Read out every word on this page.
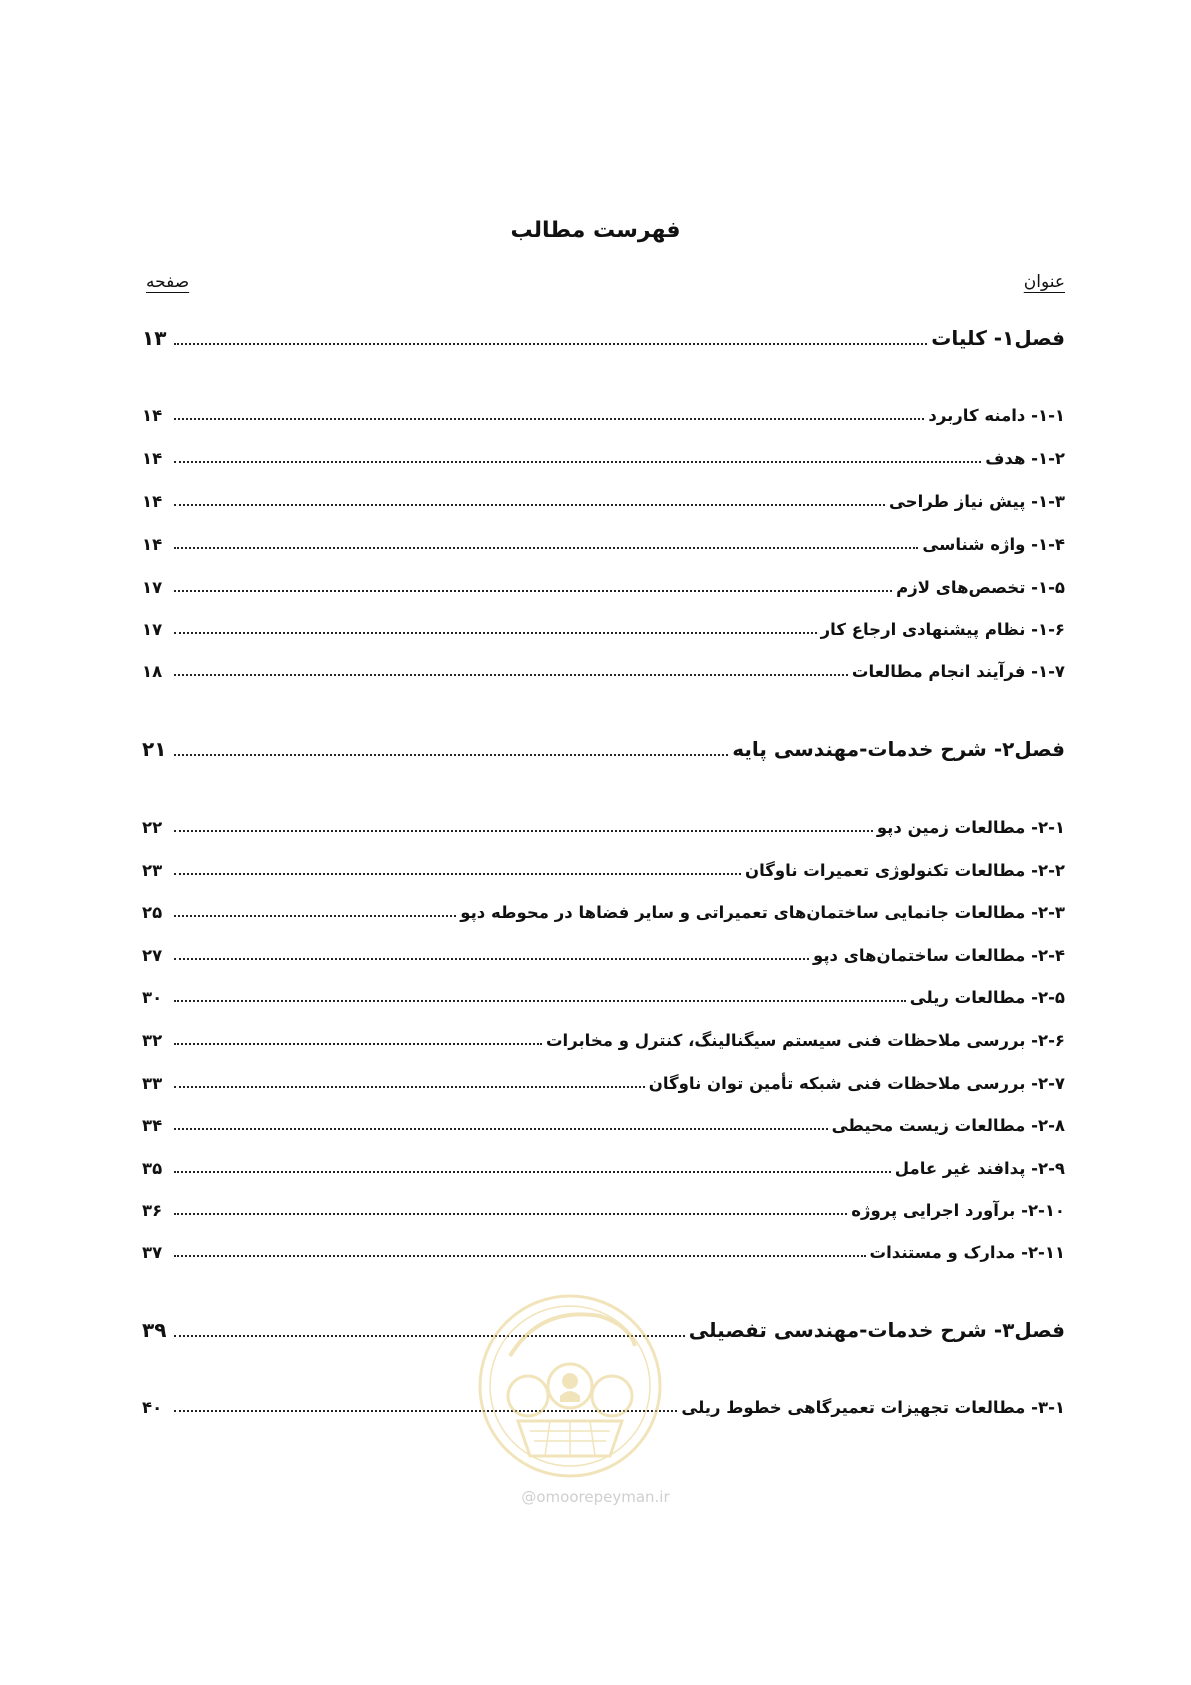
فهرست مطالب
عنوان
صفحه
فصل۱- کلیات
۱۳
۱-۱- دامنه کاربرد
۱۴
۱-۲- هدف
۱۴
۱-۳- پیش نیاز طراحی
۱۴
۱-۴- واژه شناسی
۱۴
۱-۵- تخصص‌های لازم
۱۷
۱-۶- نظام پیشنهادی ارجاع کار
۱۷
۱-۷- فرآیند انجام مطالعات
۱۸
فصل۲- شرح خدمات-مهندسی پایه
۲۱
۲-۱- مطالعات زمین دپو
۲۲
۲-۲- مطالعات تکنولوژی تعمیرات ناوگان
۲۳
۲-۳- مطالعات جانمایی ساختمان‌های تعمیراتی و سایر فضاها در محوطه دپو
۲۵
۲-۴- مطالعات ساختمان‌های دپو
۲۷
۲-۵- مطالعات ریلی
۳۰
۲-۶- بررسی ملاحظات فنی سیستم سیگنالینگ، کنترل و مخابرات
۳۲
۲-۷- بررسی ملاحظات فنی شبکه تأمین توان ناوگان
۳۳
۲-۸- مطالعات زیست محیطی
۳۴
۲-۹- پدافند غیر عامل
۳۵
۲-۱۰- برآورد اجرایی پروژه
۳۶
۲-۱۱- مدارک و مستندات
۳۷
فصل۳- شرح خدمات-مهندسی تفصیلی
۳۹
۳-۱- مطالعات تجهیزات تعمیرگاهی خطوط ریلی
۴۰
@omoorepeyman.ir
